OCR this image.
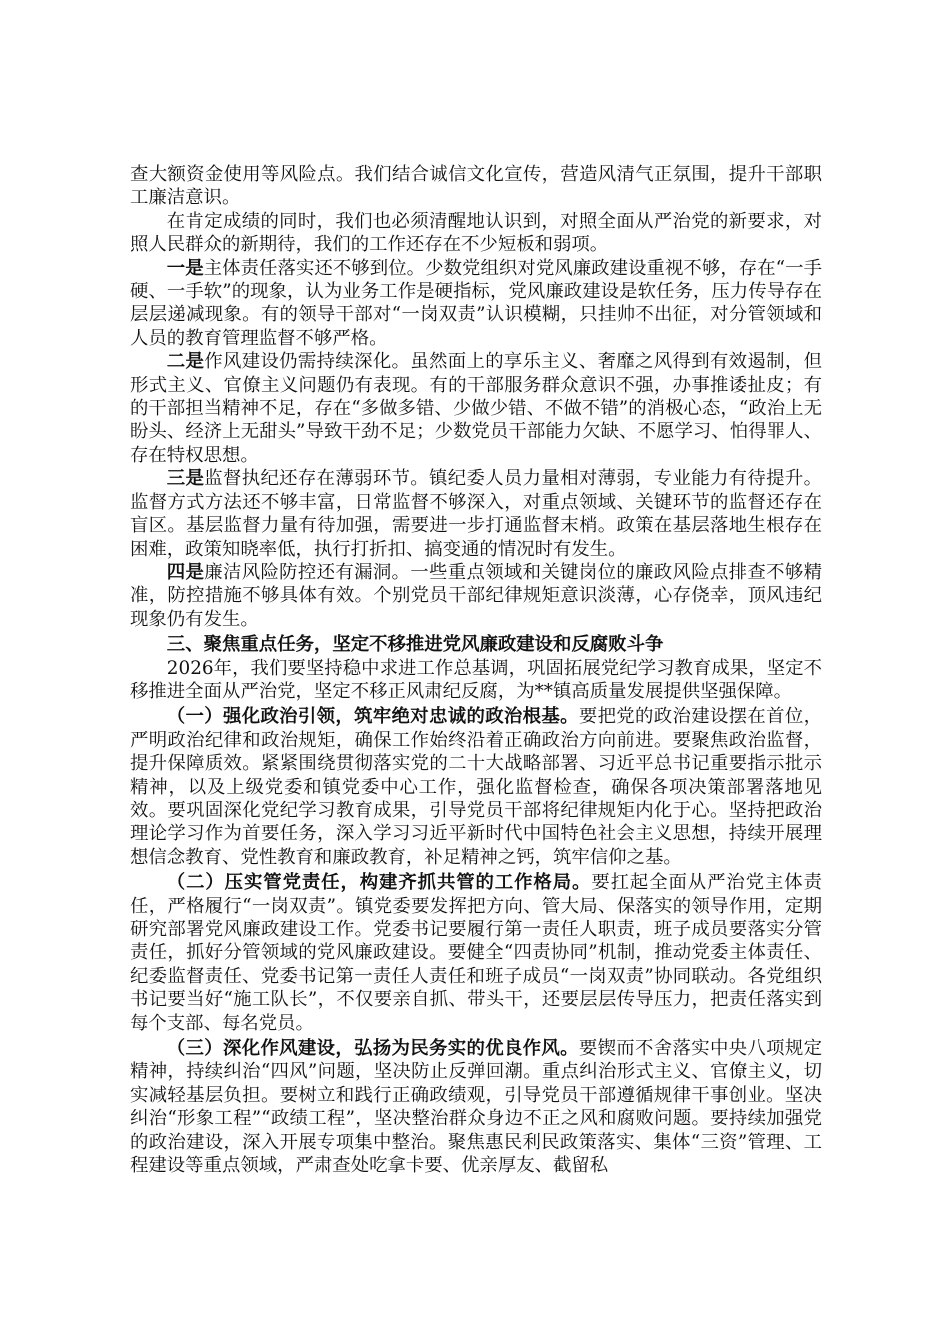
查大额资金使用等风险点。我们结合诚信文化宣传，营造风清气正氛围，提升干部职工廉洁意识。

在肯定成绩的同时，我们也必须清醒地认识到，对照全面从严治党的新要求，对照人民群众的新期待，我们的工作还存在不少短板和弱项。

一是主体责任落实还不够到位。少数党组织对党风廉政建设重视不够，存在“一手硬、一手软”的现象，认为业务工作是硬指标，党风廉政建设是软任务，压力传导存在层层递减现象。有的领导干部对“一岗双责”认识模糊，只挂帅不出征，对分管领域和人员的教育管理监督不够严格。

二是作风建设仍需持续深化。虽然面上的享乐主义、奢靡之风得到有效遏制，但形式主义、官僚主义问题仍有表现。有的干部服务群众意识不强，办事推诿扯皮；有的干部担当精神不足，存在“多做多错、少做少错、不做不错”的消极心态，“政治上无盼头、经济上无甜头”导致干劲不足；少数党员干部能力欠缺、不愿学习、怕得罪人、存在特权思想。

三是监督执纪还存在薄弱环节。镇纪委人员力量相对薄弱，专业能力有待提升。监督方式方法还不够丰富，日常监督不够深入，对重点领域、关键环节的监督还存在盲区。基层监督力量有待加强，需要进一步打通监督末梢。政策在基层落地生根存在困难，政策知晓率低，执行打折扣、搞变通的情况时有发生。

四是廉洁风险防控还有漏洞。一些重点领域和关键岗位的廉政风险点排查不够精准，防控措施不够具体有效。个别党员干部纪律规矩意识淡薄，心存侥幸，顶风违纪现象仍有发生。

三、聚焦重点任务，坚定不移推进党风廉政建设和反腐败斗争

2026年，我们要坚持稳中求进工作总基调，巩固拓展党纪学习教育成果，坚定不移推进全面从严治党，坚定不移正风肃纪反腐，为**镇高质量发展提供坚强保障。

（一）强化政治引领，筑牢绝对忠诚的政治根基。要把党的政治建设摆在首位，严明政治纪律和政治规矩，确保工作始终沿着正确政治方向前进。要聚焦政治监督，提升保障质效。紧紧围绕贯彻落实党的二十大战略部署、习近平总书记重要指示批示精神，以及上级党委和镇党委中心工作，强化监督检查，确保各项决策部署落地见效。要巩固深化党纪学习教育成果，引导党员干部将纪律规矩内化于心。坚持把政治理论学习作为首要任务，深入学习习近平新时代中国特色社会主义思想，持续开展理想信念教育、党性教育和廉政教育，补足精神之钙，筑牢信仰之基。

（二）压实管党责任，构建齐抓共管的工作格局。要扛起全面从严治党主体责任，严格履行“一岗双责”。镇党委要发挥把方向、管大局、保落实的领导作用，定期研究部署党风廉政建设工作。党委书记要履行第一责任人职责，班子成员要落实分管责任，抓好分管领域的党风廉政建设。要健全“四责协同”机制，推动党委主体责任、纪委监督责任、党委书记第一责任人责任和班子成员“一岗双责”协同联动。各党组织书记要当好“施工队长”，不仅要亲自抓、带头干，还要层层传导压力，把责任落实到每个支部、每名党员。

（三）深化作风建设，弘扬为民务实的优良作风。要锲而不舍落实中央八项规定精神，持续纠治“四风”问题，坚决防止反弹回潮。重点纠治形式主义、官僚主义，切实减轻基层负担。要树立和践行正确政绩观，引导党员干部遵循规律干事创业。坚决纠治“形象工程”“政绩工程”，坚决整治群众身边不正之风和腐败问题。要持续加强党的政治建设，深入开展专项集中整治。聚焦惠民利民政策落实、集体“三资”管理、工程建设等重点领域，严肃查处吃拿卡要、优亲厚友、截留私
